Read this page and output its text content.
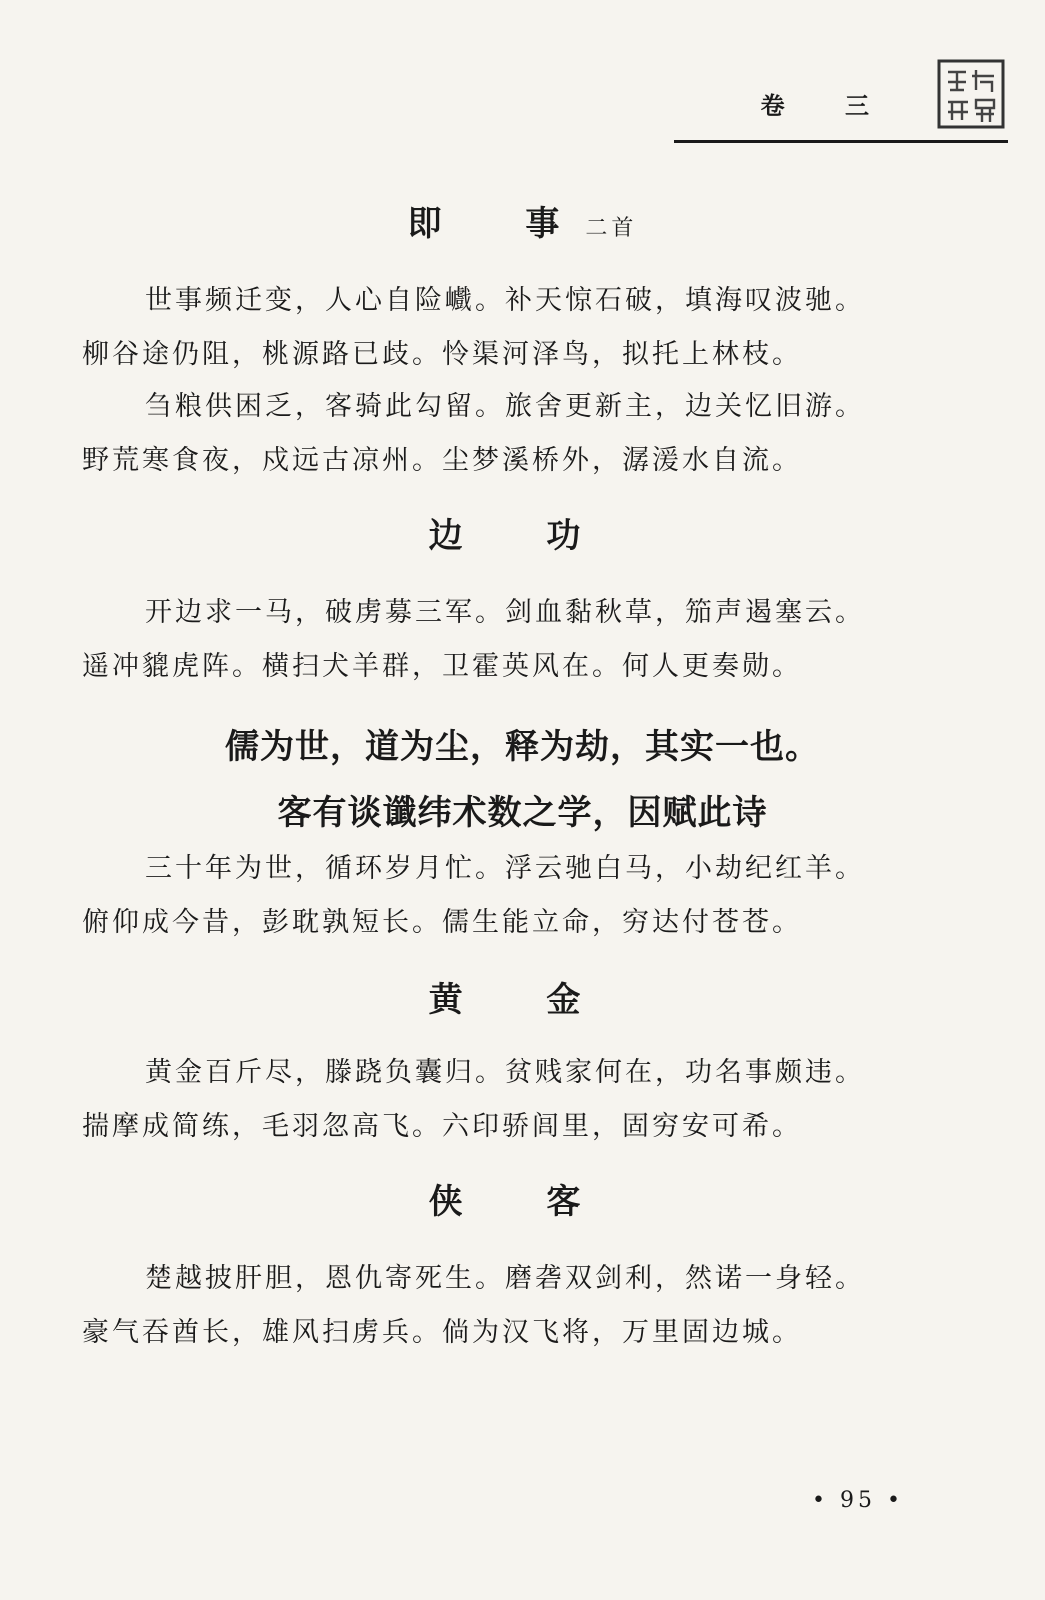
卷 三
即 事二首
世事频迁变，人心自险巇。补天惊石破，填海叹波驰。
柳谷途仍阻，桃源路已歧。怜渠河泽鸟，拟托上林枝。
刍粮供困乏，客骑此勾留。旅舍更新主，边关忆旧游。
野荒寒食夜，戍远古凉州。尘梦溪桥外，潺湲水自流。
边 功
开边求一马，破虏募三军。剑血黏秋草，笳声遏塞云。
遥冲貔虎阵。横扫犬羊群，卫霍英风在。何人更奏勋。
儒为世，道为尘，释为劫，其实一也。
客有谈谶纬术数之学，因赋此诗
三十年为世，循环岁月忙。浮云驰白马，小劫纪红羊。
俯仰成今昔，彭耽孰短长。儒生能立命，穷达付苍苍。
黄 金
黄金百斤尽，滕跷负囊归。贫贱家何在，功名事颇违。
揣摩成简练，毛羽忽高飞。六印骄闾里，固穷安可希。
侠 客
楚越披肝胆，恩仇寄死生。磨砻双剑利，然诺一身轻。
豪气吞酋长，雄风扫虏兵。倘为汉飞将，万里固边城。
• 95 •
